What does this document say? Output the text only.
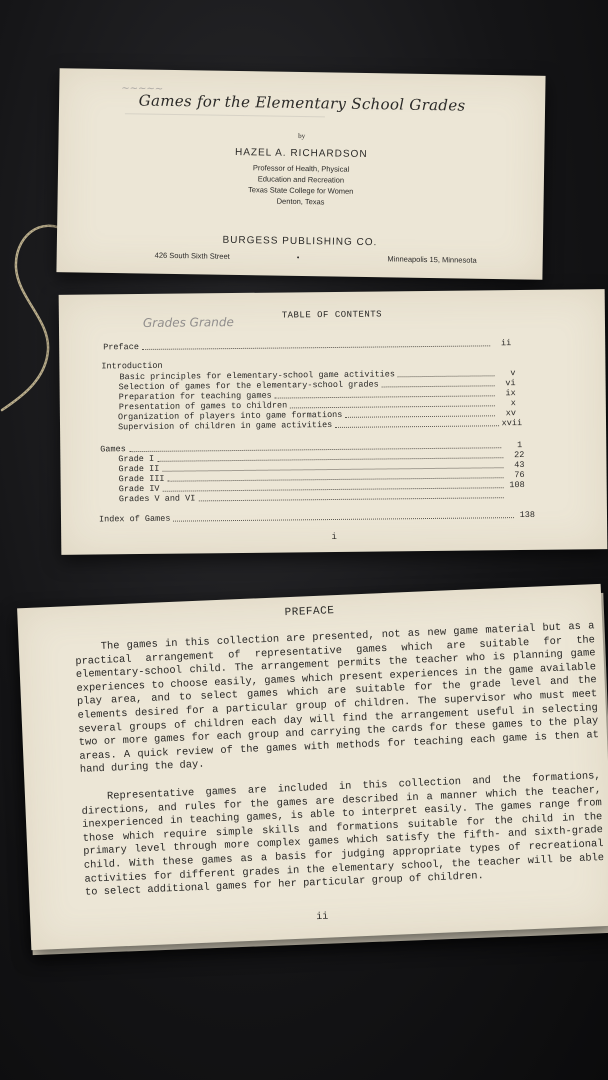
~~~~~
Games for the Elementary School Grades
by
HAZEL A. RICHARDSON
Professor of Health, Physical
Education and Recreation
Texas State College for Women
Denton, Texas
BURGESS PUBLISHING CO.
426 South Sixth Street	•	Minneapolis 15, Minnesota
TABLE OF CONTENTS
Grades Grande
Preface	ii
Introduction
Basic principles for elementary-school game activities	v
Selection of games for the elementary-school grades	vi
Preparation for teaching games	ix
Presentation of games to children	x
Organization of players into game formations	xv
Supervision of children in game activities	xvii
Games	1
Grade I	22
Grade II	43
Grade III	76
Grade IV	108
Grades V and VI
Index of Games	138
i
PREFACE

The games in this collection are presented, not as new game material but as a practical arrangement of representative games which are suitable for the elementary-school child. The arrangement permits the teacher who is planning game experiences to choose easily, games which present experiences in the game available play area, and to select games which are suitable for the grade level and the elements desired for a particular group of children. The supervisor who must meet several groups of children each day will find the arrangement useful in selecting two or more games for each group and carrying the cards for these games to the play areas. A quick review of the games with methods for teaching each game is then at hand during the day.

Representative games are included in this collection and the formations, directions, and rules for the games are described in a manner which the teacher, inexperienced in teaching games, is able to interpret easily. The games range from those which require simple skills and formations suitable for the child in the primary level through more complex games which satisfy the fifth- and sixth-grade child. With these games as a basis for judging appropriate types of recreational activities for different grades in the elementary school, the teacher will be able to select additional games for her particular group of children.

ii
